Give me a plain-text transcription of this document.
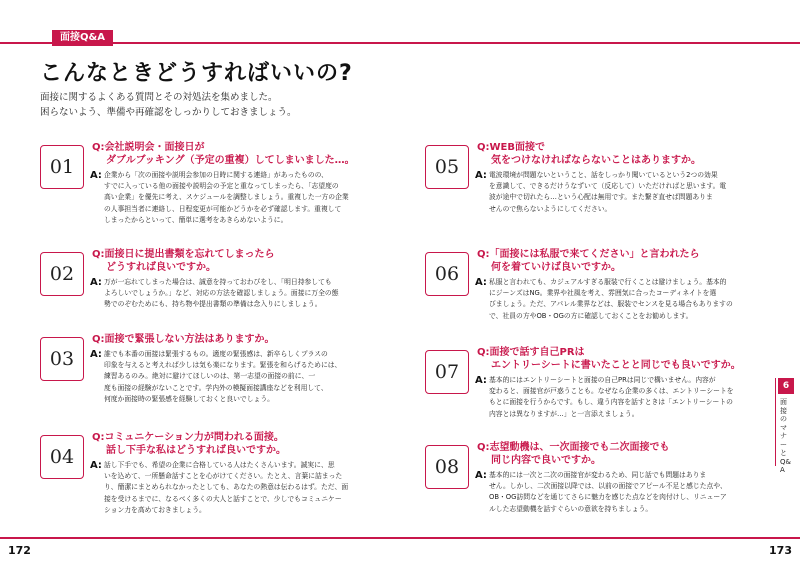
面接Q&A
こんなときどうすればいいの?
面接に関するよくある質問とその対処法を集めました。
困らないよう、準備や再確認をしっかりしておきましょう。
01
Q:会社説明会・面接日が
ダブルブッキング（予定の重複）してしまいました…。
A: 企業から「次の面接や説明会参加の日時に関する連絡」があったものの、
すでに入っている他の面接や説明会の予定と重なってしまったら、「志望度の
高い企業」を優先に考え、スケジュールを調整しましょう。重複した一方の企業
の人事担当者に連絡し、日程変更が可能かどうかを必ず確認します。重複して
しまったからといって、簡単に選考をあきらめないように。
02
Q:面接日に提出書類を忘れてしまったら
どうすれば良いですか。
A: 万が一忘れてしまった場合は、誠意を持っておわびをし、「明日持参しても
よろしいでしょうか。」など、対応の方法を確認しましょう。面接に万全の態
勢でのぞむためにも、持ち物や提出書類の準備は念入りにしましょう。
03
Q:面接で緊張しない方法はありますか。
A: 誰でも本番の面接は緊張するもの。適度の緊張感は、新卒らしくプラスの
印象を与えると考えれば少しは気も楽になります。緊張を和らげるためには、
練習あるのみ。絶対に避けてほしいのは、第一志望の面接の前に、一
度も面接の経験がないことです。学内外の模擬面接講座などを利用して、
何度か面接時の緊張感を経験しておくと良いでしょう。
04
Q:コミュニケーション力が問われる面接。
話し下手な私はどうすれば良いですか。
A: 話し下手でも、希望の企業に合格している人はたくさんいます。誠実に、思
いを込めて、一所懸命話すことを心がけてください。たとえ、言葉に詰まった
り、簡潔にまとめられなかったとしても、あなたの熱意は伝わるはず。ただ、面
接を受けるまでに、なるべく多くの大人と話すことで、少しでもコミュニケー
ション力を高めておきましょう。
05
Q:WEB面接で
気をつけなければならないことはありますか。
A: 電波環境が問題ないということ、話をしっかり聞いているという2つの効果
を意識して、できるだけうなずいて（反応して）いただければと思います。電
波が途中で切れたら…という心配は無用です。また繋ぎ直せば問題ありま
せんので焦らないようにしてください。
06
Q:「面接には私服で来てください」と言われたら
何を着ていけば良いですか。
A: 私服と言われても、カジュアルすぎる服装で行くことは避けましょう。基本的
にジーンズはNG。業界や社風を考え、雰囲気に合ったコーディネイトを選
びましょう。ただ、アパレル業界などは、服装でセンスを見る場合もありますの
で、社員の方やOB・OGの方に確認しておくことをお勧めします。
07
Q:面接で話す自己PRは
エントリーシートに書いたことと同じでも良いですか。
A: 基本的にはエントリーシートと面接の自己PRは同じで構いません。内容が
変わると、面接官が戸惑うことも。なぜなら企業の多くは、エントリーシートを
もとに面接を行うからです。もし、違う内容を話すときは「エントリーシートの
内容とは異なりますが…」と一言添えましょう。
08
Q:志望動機は、一次面接でも二次面接でも
同じ内容で良いですか。
A: 基本的には一次と二次の面接官が変わるため、同じ話でも問題はありま
せん。しかし、二次面接以降では、以前の面接でアピール不足と感じた点や、
OB・OG訪問などを通じてさらに魅力を感じた点などを肉付けし、リニューア
ルした志望動機を話すぐらいの意欲を持ちましょう。
6
面接のマナーとQ&A
172	173
